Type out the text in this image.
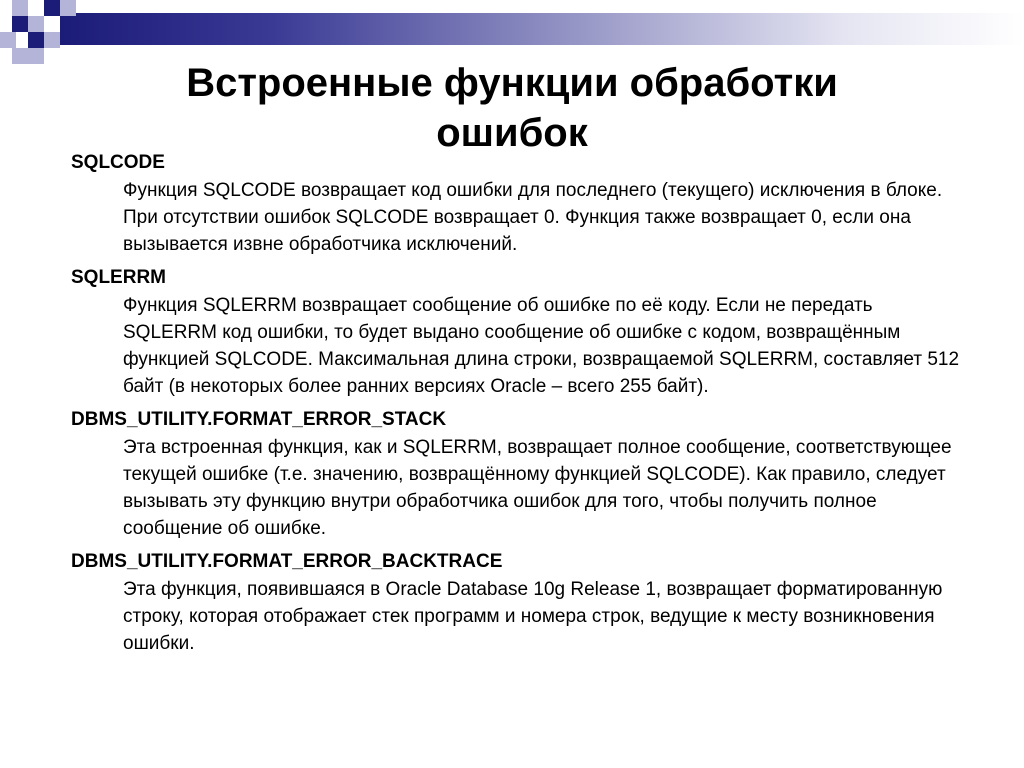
Встроенные функции обработки
ошибок

SQLCODE

Функция SQLCODE возвращает код ошибки для последнего (текущего) исключения в блоке. При отсутствии ошибок SQLCODE возвращает 0. Функция также возвращает 0, если она вызывается извне обработчика исключений.

SQLERRM

Функция SQLERRM возвращает сообщение об ошибке по её коду. Если не передать SQLERRM код ошибки, то будет выдано сообщение об ошибке с кодом, возвращённым функцией SQLCODE. Максимальная длина строки, возвращаемой SQLERRM, составляет 512 байт (в некоторых более ранних версиях Oracle – всего 255 байт).

DBMS_UTILITY.FORMAT_ERROR_STACK

Эта встроенная функция, как и SQLERRM, возвращает полное сообщение, соответствующее текущей ошибке (т.е. значению, возвращённому функцией SQLCODE). Как правило, следует вызывать эту функцию внутри обработчика ошибок для того, чтобы получить полное сообщение об ошибке.

DBMS_UTILITY.FORMAT_ERROR_BACKTRACE

Эта функция, появившаяся в Oracle Database 10g Release 1, возвращает форматированную строку, которая отображает стек программ и номера строк, ведущие к месту возникновения ошибки.
